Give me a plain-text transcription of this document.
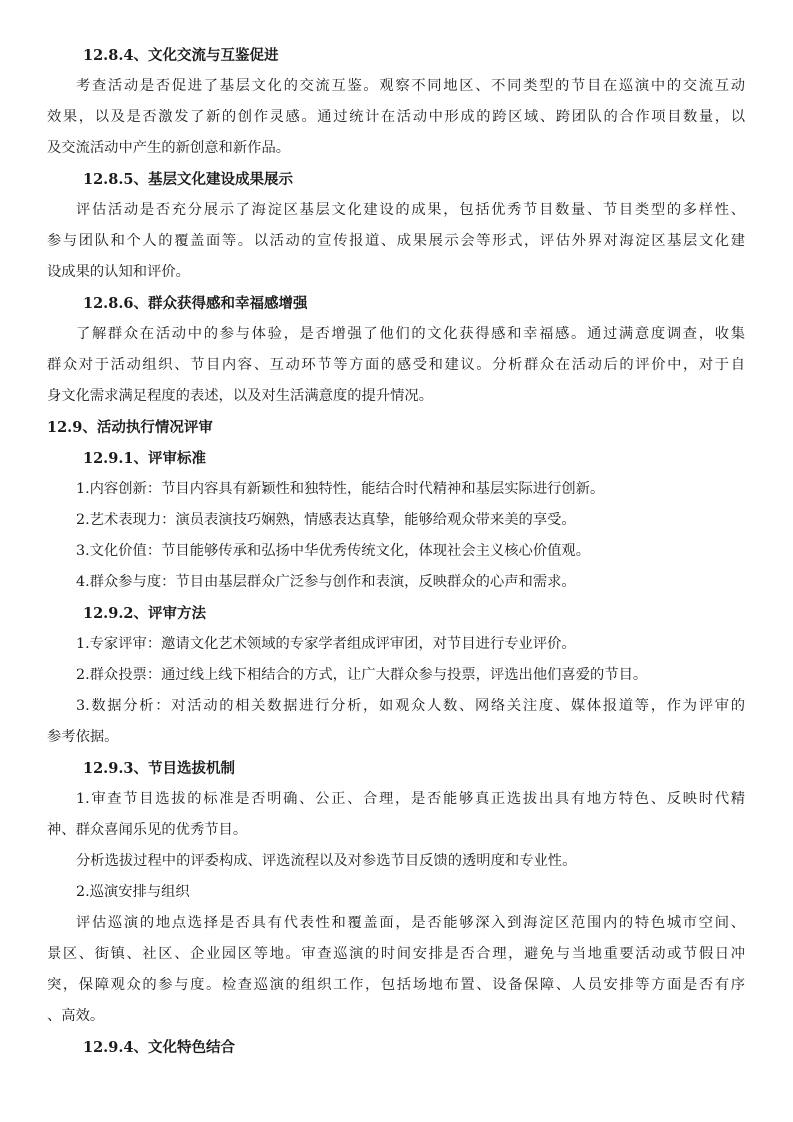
12.8.4、文化交流与互鉴促进
考查活动是否促进了基层文化的交流互鉴。观察不同地区、不同类型的节目在巡演中的交流互动
效果，以及是否激发了新的创作灵感。通过统计在活动中形成的跨区域、跨团队的合作项目数量，以
及交流活动中产生的新创意和新作品。
12.8.5、基层文化建设成果展示
评估活动是否充分展示了海淀区基层文化建设的成果，包括优秀节目数量、节目类型的多样性、
参与团队和个人的覆盖面等。以活动的宣传报道、成果展示会等形式，评估外界对海淀区基层文化建
设成果的认知和评价。
12.8.6、群众获得感和幸福感增强
了解群众在活动中的参与体验，是否增强了他们的文化获得感和幸福感。通过满意度调查，收集
群众对于活动组织、节目内容、互动环节等方面的感受和建议。分析群众在活动后的评价中，对于自
身文化需求满足程度的表述，以及对生活满意度的提升情况。
12.9、活动执行情况评审
12.9.1、评审标准
1.内容创新：节目内容具有新颖性和独特性，能结合时代精神和基层实际进行创新。
2.艺术表现力：演员表演技巧娴熟，情感表达真挚，能够给观众带来美的享受。
3.文化价值：节目能够传承和弘扬中华优秀传统文化，体现社会主义核心价值观。
4.群众参与度：节目由基层群众广泛参与创作和表演，反映群众的心声和需求。
12.9.2、评审方法
1.专家评审：邀请文化艺术领域的专家学者组成评审团，对节目进行专业评价。
2.群众投票：通过线上线下相结合的方式，让广大群众参与投票，评选出他们喜爱的节目。
3.数据分析：对活动的相关数据进行分析，如观众人数、网络关注度、媒体报道等，作为评审的
参考依据。
12.9.3、节目选拔机制
1.审查节目选拔的标准是否明确、公正、合理，是否能够真正选拔出具有地方特色、反映时代精
神、群众喜闻乐见的优秀节目。
分析选拔过程中的评委构成、评选流程以及对参选节目反馈的透明度和专业性。
2.巡演安排与组织
评估巡演的地点选择是否具有代表性和覆盖面，是否能够深入到海淀区范围内的特色城市空间、
景区、街镇、社区、企业园区等地。审查巡演的时间安排是否合理，避免与当地重要活动或节假日冲
突，保障观众的参与度。检查巡演的组织工作，包括场地布置、设备保障、人员安排等方面是否有序
、高效。
12.9.4、文化特色结合
